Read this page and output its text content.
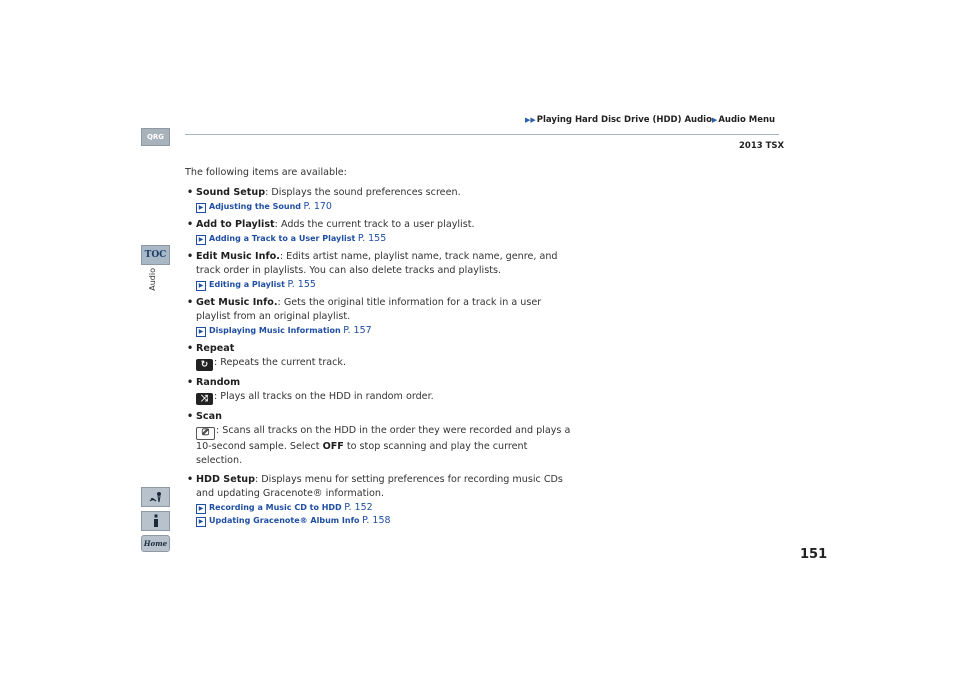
▶▶Playing Hard Disc Drive (HDD) Audio▶Audio Menu
2013 TSX
QRG
TOC
Audio
Home
The following items are available:
• Sound Setup: Displays the sound preferences screen.
▶ Adjusting the Sound P. 170
• Add to Playlist: Adds the current track to a user playlist.
▶ Adding a Track to a User Playlist P. 155
• Edit Music Info.: Edits artist name, playlist name, track name, genre, and track order in playlists. You can also delete tracks and playlists.
▶ Editing a Playlist P. 155
• Get Music Info.: Gets the original title information for a track in a user playlist from an original playlist.
▶ Displaying Music Information P. 157
• Repeat
↻ : Repeats the current track.
• Random
⤨ : Plays all tracks on the HDD in random order.
• Scan
⎚ : Scans all tracks on the HDD in the order they were recorded and plays a 10-second sample. Select OFF to stop scanning and play the current selection.
• HDD Setup: Displays menu for setting preferences for recording music CDs and updating Gracenote® information.
▶ Recording a Music CD to HDD P. 152
▶ Updating Gracenote® Album Info P. 158
151
